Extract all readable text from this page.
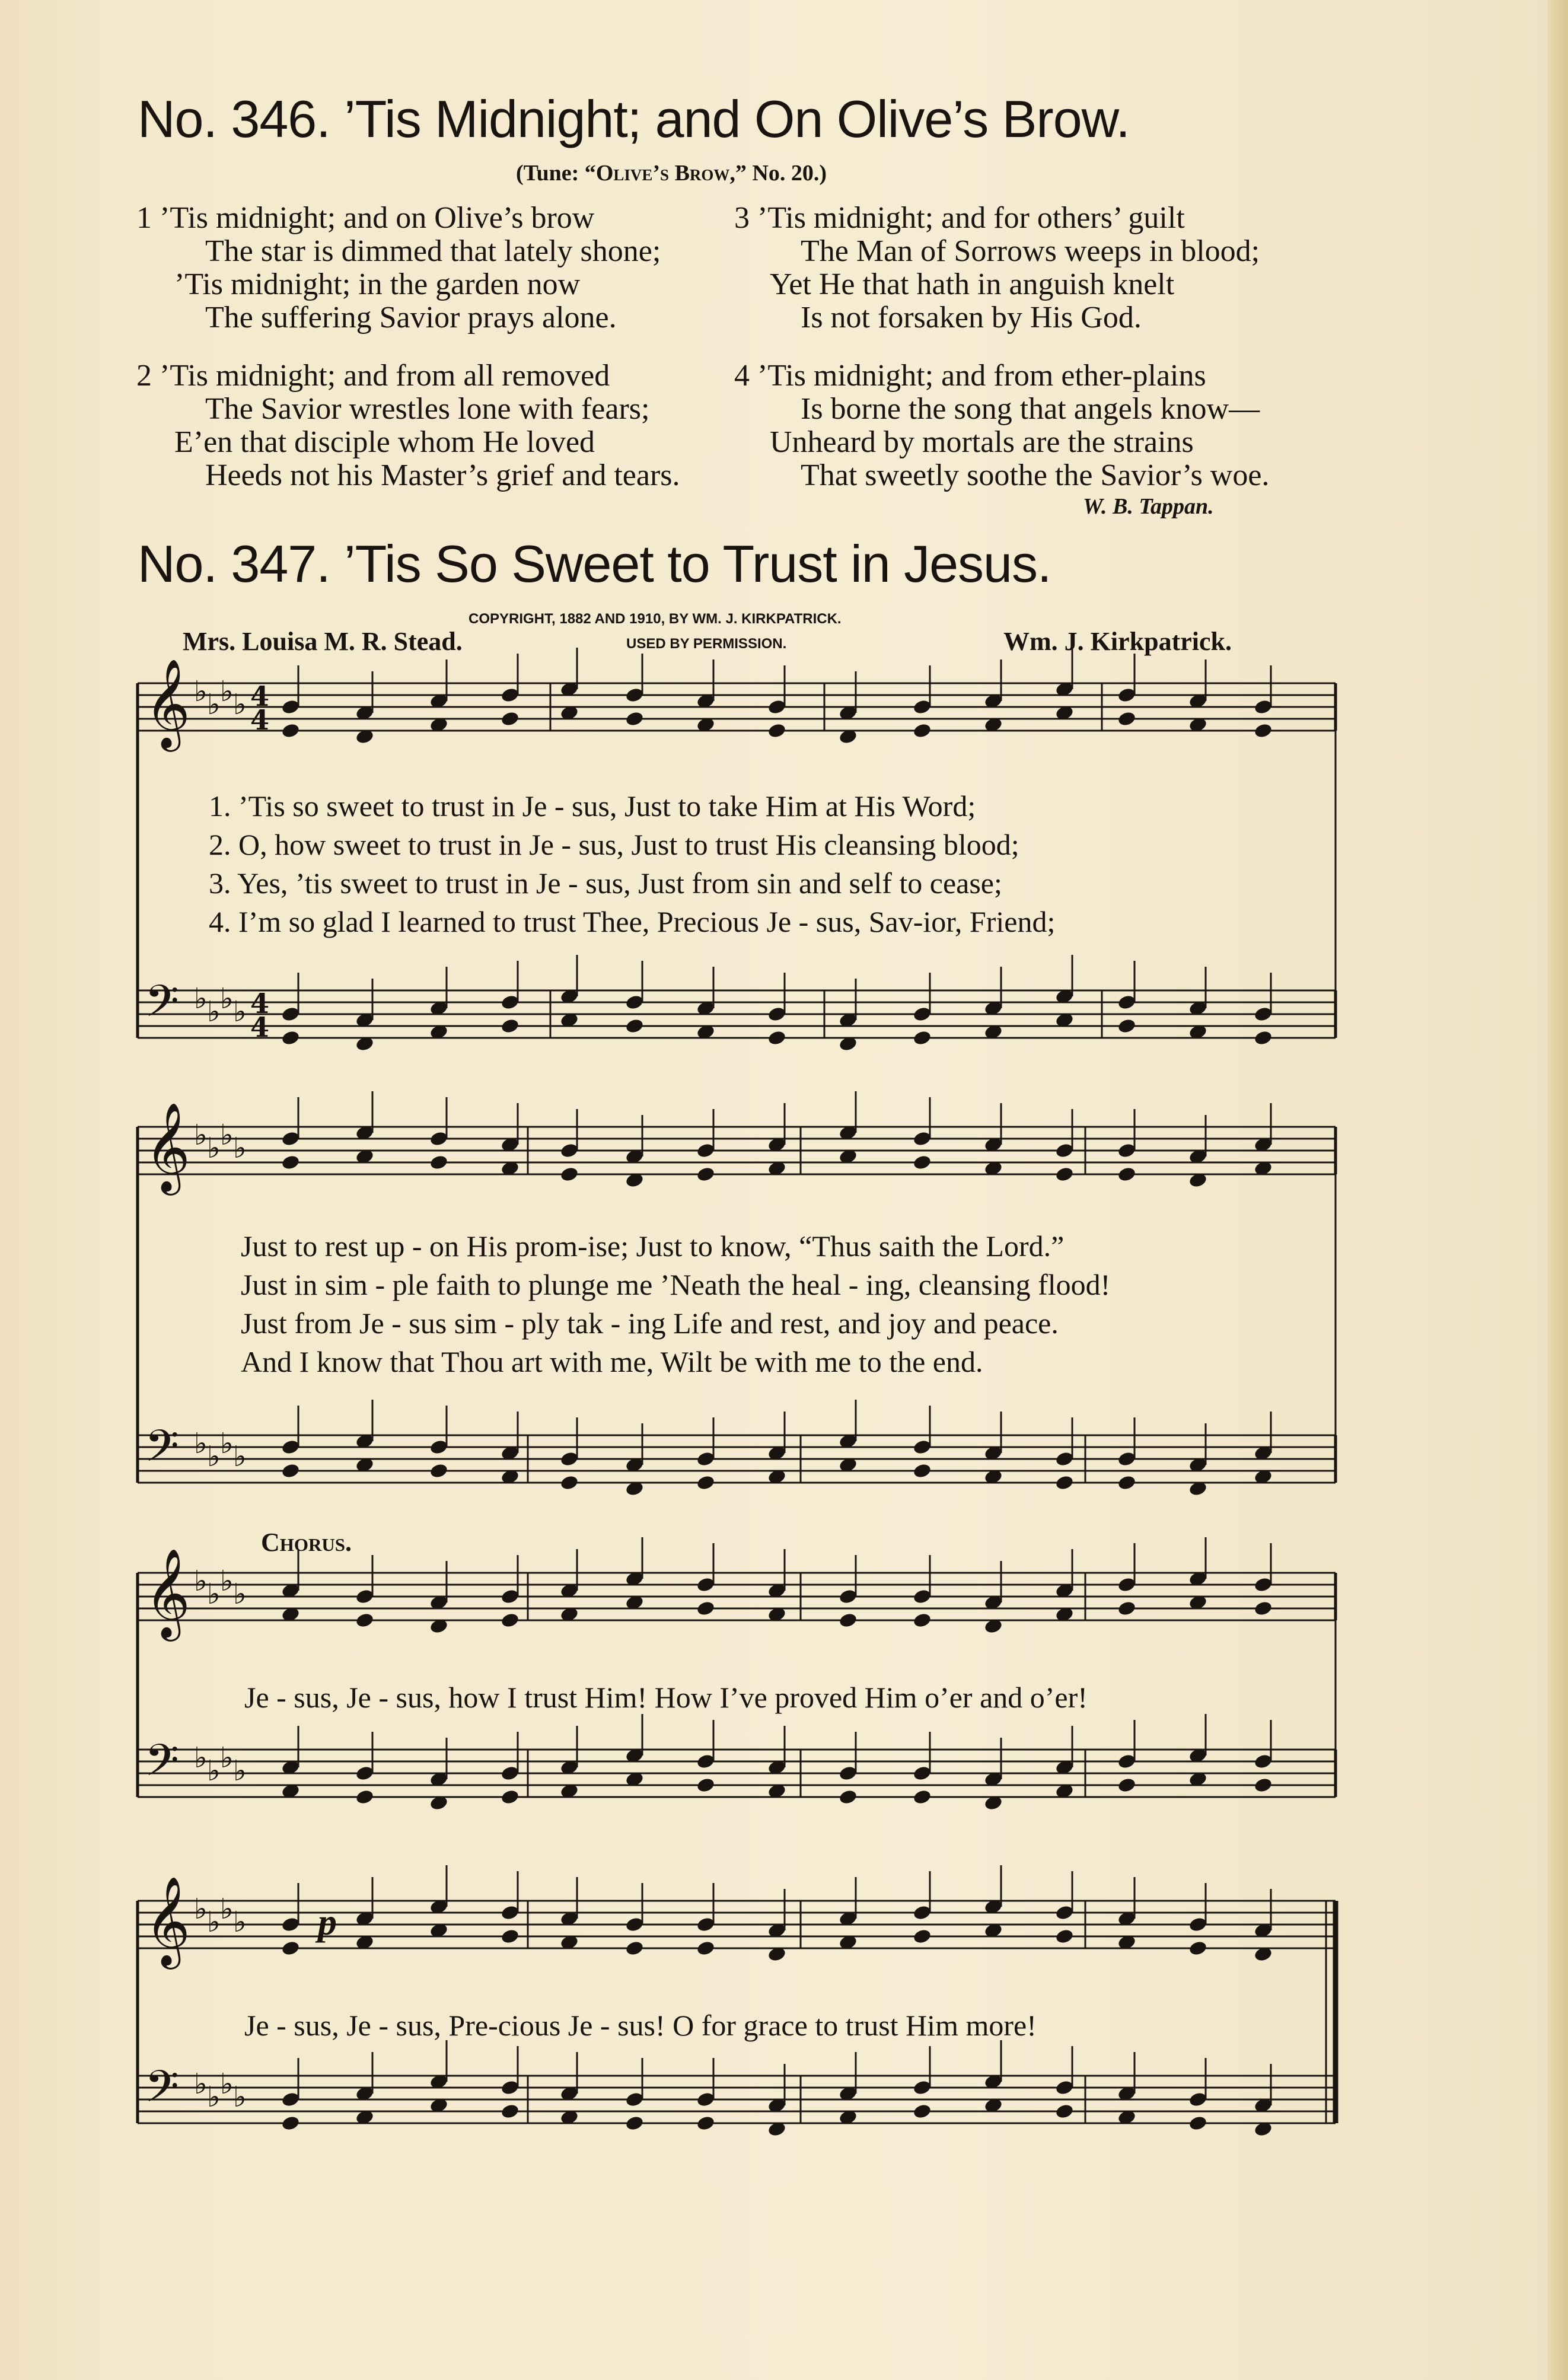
No. 346. ’Tis Midnight; and On Olive’s Brow.
(Tune: “Olive’s Brow,” No. 20.)
1 ’Tis midnight; and on Olive’s brow
The star is dimmed that lately shone;
’Tis midnight; in the garden now
The suffering Savior prays alone.
2 ’Tis midnight; and from all removed
The Savior wrestles lone with fears;
E’en that disciple whom He loved
Heeds not his Master’s grief and tears.
3 ’Tis midnight; and for others’ guilt
The Man of Sorrows weeps in blood;
Yet He that hath in anguish knelt
Is not forsaken by His God.
4 ’Tis midnight; and from ether-plains
Is borne the song that angels know—
Unheard by mortals are the strains
That sweetly soothe the Savior’s woe.
W. B. Tappan.
No. 347. ’Tis So Sweet to Trust in Jesus.
COPYRIGHT, 1882 AND 1910, BY WM. J. KIRKPATRICK.
USED BY PERMISSION.
Mrs. Louisa M. R. Stead.	Wm. J. Kirkpatrick.
𝄞 ♭ ♭ ♭ ♭
𝄢 ♭ ♭ ♭ ♭
𝄞 ♭ ♭ ♭ ♭
𝄢 ♭ ♭ ♭ ♭
𝄞 ♭ ♭ ♭ ♭
𝄢 ♭ ♭ ♭ ♭
𝄞 ♭ ♭ ♭ ♭
𝄢 ♭ ♭ ♭ ♭
4
4
4
4
1. ’Tis so sweet to trust in Je - sus, Just to take Him at His Word;
2. O, how sweet to trust in Je - sus, Just to trust His cleansing blood;
3. Yes, ’tis sweet to trust in Je - sus, Just from sin and self to cease;
4. I’m so glad I learned to trust Thee, Precious Je - sus, Sav-ior, Friend;
Just to rest up - on His prom-ise; Just to know, “Thus saith the Lord.”
Just in sim - ple faith to plunge me ’Neath the heal - ing, cleansing flood!
Just from Je - sus sim - ply tak - ing Life and rest, and joy and peace.
And I know that Thou art with me, Wilt be with me to the end.
Chorus.
Je - sus, Je - sus, how I trust Him! How I’ve proved Him o’er and o’er!
p
Je - sus, Je - sus, Pre-cious Je - sus! O for grace to trust Him more!
